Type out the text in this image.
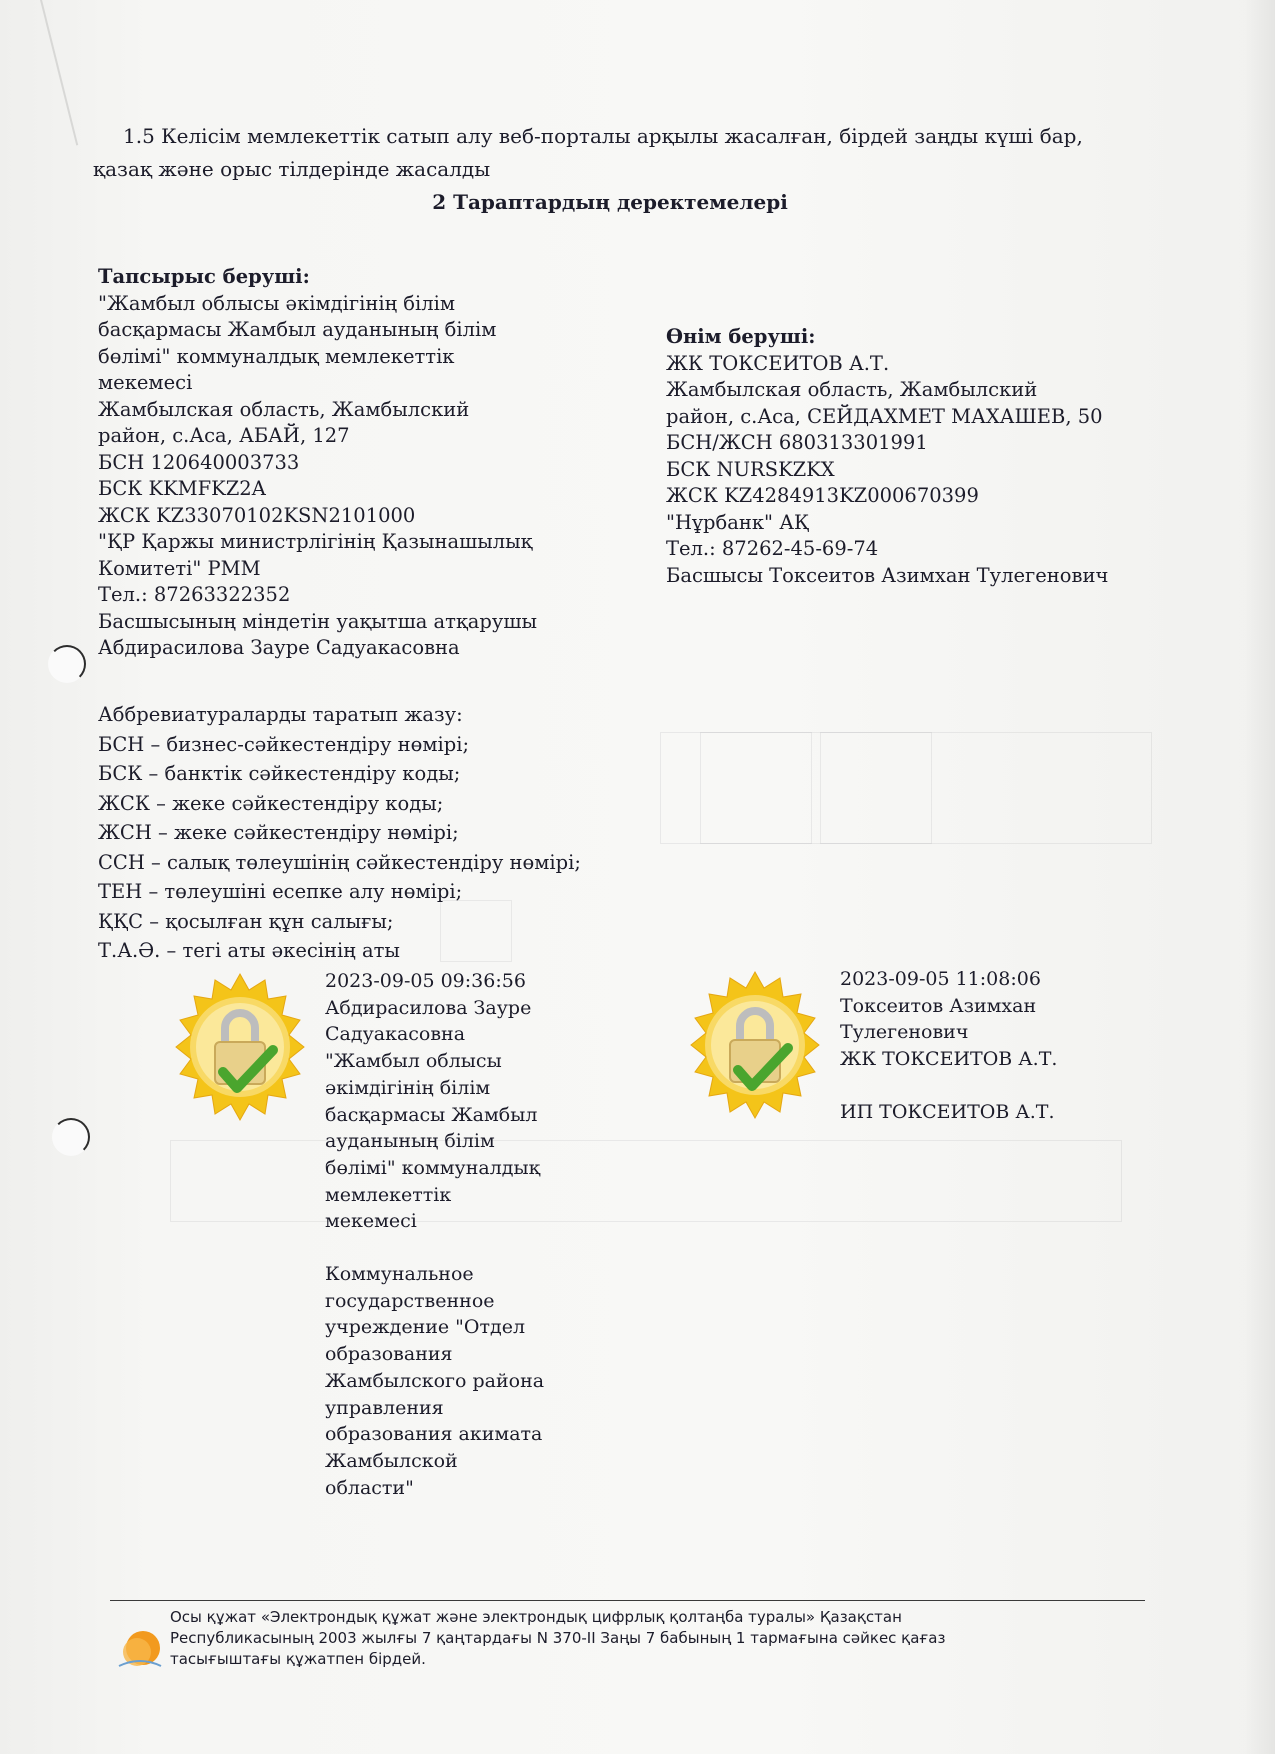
1.5 Келісім мемлекеттік сатып алу веб-порталы арқылы жасалған, бірдей заңды күші бар,
қазақ және орыс тілдерінде жасалды
2 Тараптардың деректемелері
Тапсырыс беруші:
"Жамбыл облысы әкімдігінің білім
басқармасы Жамбыл ауданының білім
бөлімі" коммуналдық мемлекеттік
мекемесі
Жамбылская область, Жамбылский
район, с.Аса, АБАЙ, 127
БСН 120640003733
БСК KKMFKZ2A
ЖСК KZ33070102KSN2101000
"ҚР Қаржы министрлігінің Қазынашылық
Комитеті" РММ
Тел.: 87263322352
Басшысының міндетін уақытша атқарушы
Абдирасилова Зауре Садуакасовна
Өнім беруші:
ЖК ТОКСЕИТОВ А.Т.
Жамбылская область, Жамбылский
район, с.Аса, СЕЙДАХМЕТ МАХАШЕВ, 50
БСН/ЖСН 680313301991
БСК NURSKZKX
ЖСК KZ4284913KZ000670399
"Нұрбанк" АҚ
Тел.: 87262-45-69-74
Басшысы Токсеитов Азимхан Тулегенович
Аббревиатураларды таратып жазу:
БСН – бизнес-сәйкестендіру нөмірі;
БСК – банктік сәйкестендіру коды;
ЖСК – жеке сәйкестендіру коды;
ЖСН – жеке сәйкестендіру нөмірі;
ССН – салық төлеушінің сәйкестендіру нөмірі;
ТЕН – төлеушіні есепке алу нөмірі;
ҚҚС – қосылған құн салығы;
Т.А.Ә. – тегі аты әкесінің аты
2023-09-05 09:36:56
Абдирасилова Зауре
Садуакасовна
"Жамбыл облысы
әкімдігінің білім
басқармасы Жамбыл
ауданының білім
бөлімі" коммуналдық
мемлекеттік
мекемесі
Коммунальное
государственное
учреждение "Отдел
образования
Жамбылского района
управления
образования акимата
Жамбылской
области"
2023-09-05 11:08:06
Токсеитов Азимхан
Тулегенович
ЖК ТОКСЕИТОВ А.Т.
ИП ТОКСЕИТОВ А.Т.
Осы құжат «Электрондық құжат және электрондық цифрлық қолтаңба туралы» Қазақстан
Республикасының 2003 жылғы 7 қаңтардағы N 370-II Заңы 7 бабының 1 тармағына сәйкес қағаз
тасығыштағы құжатпен бірдей.
